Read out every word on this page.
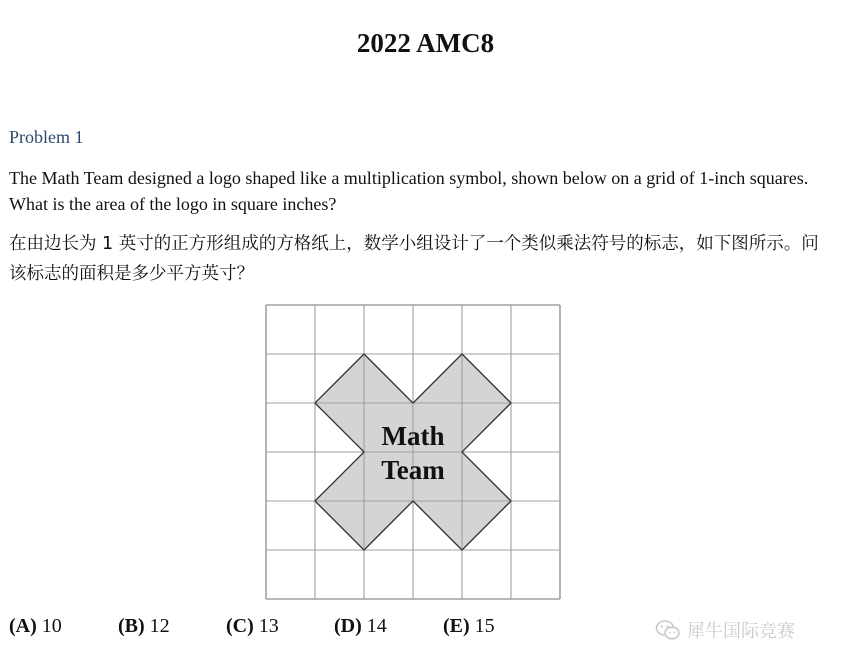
2022 AMC8
Problem 1

The Math Team designed a logo shaped like a multiplication symbol, shown below on a grid of 1-inch squares. What is the area of the logo in square inches?

在由边长为 1 英寸的正方形组成的方格纸上，数学小组设计了一个类似乘法符号的标志，如下图所示。问该标志的面积是多少平方英寸？

Math
Team
(A) 10	(B) 12	(C) 13	(D) 14	(E) 15	犀牛国际竞赛
